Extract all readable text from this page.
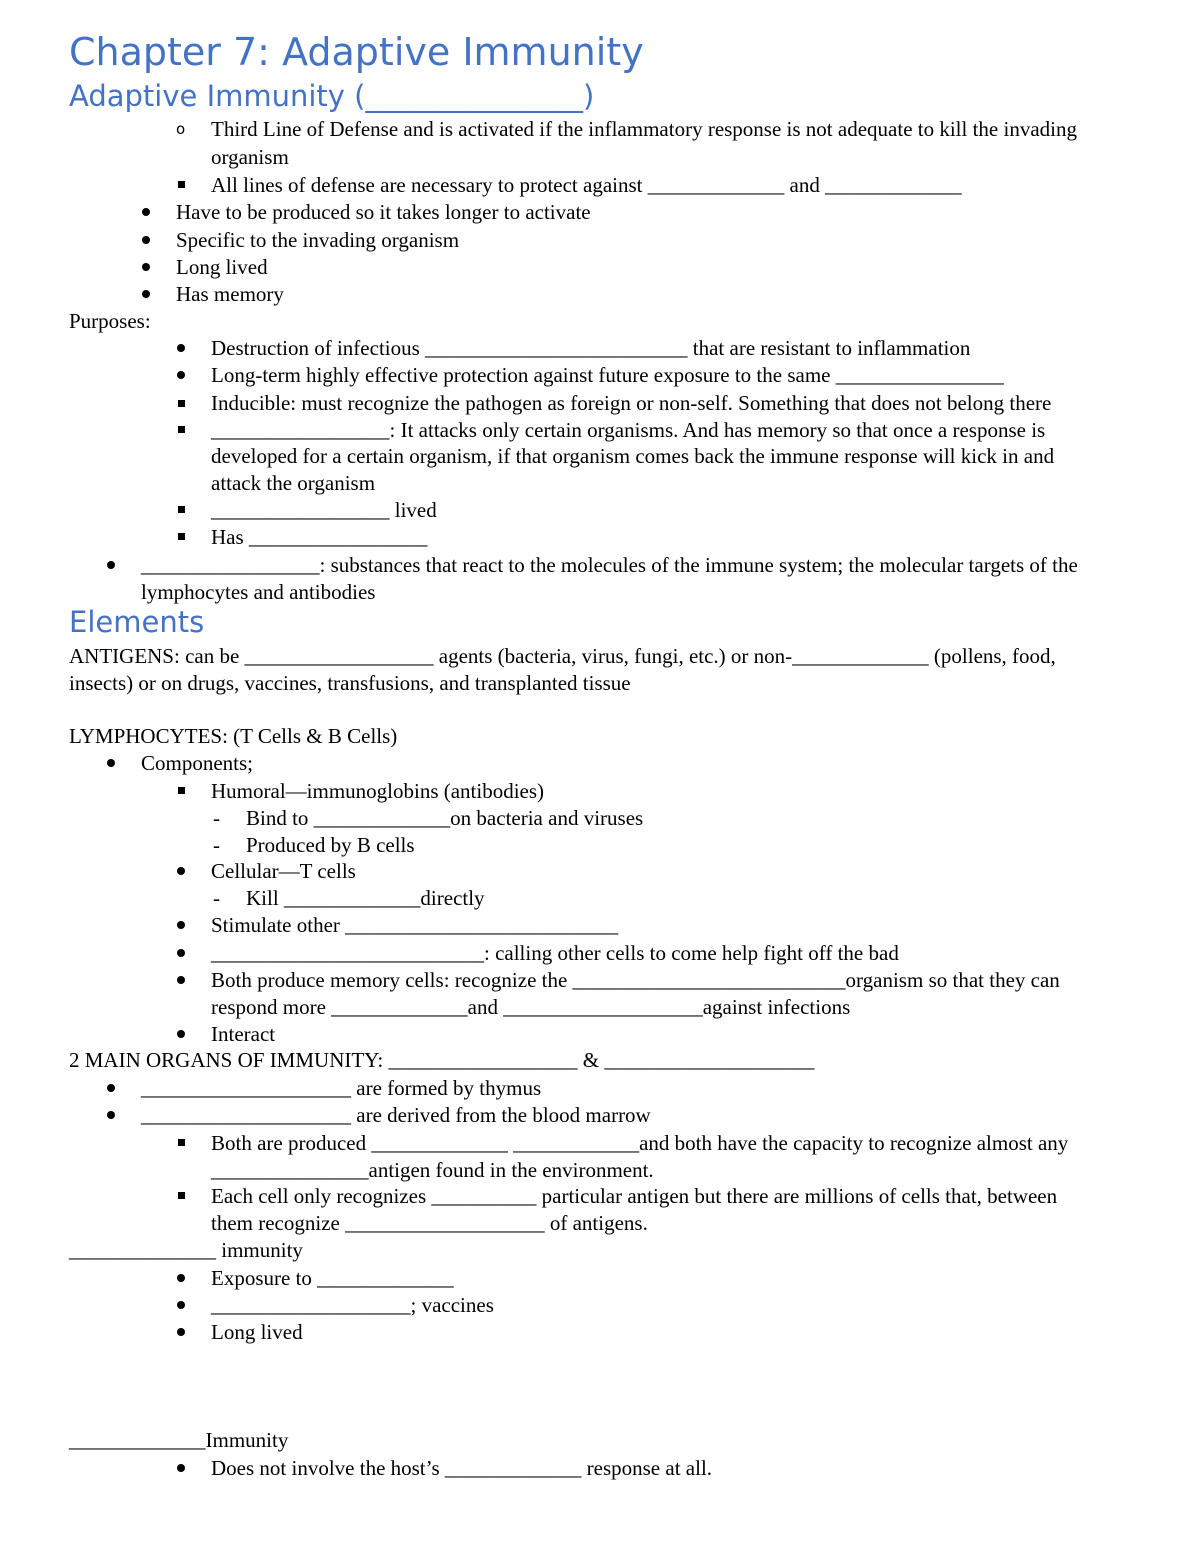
Chapter 7: Adaptive Immunity
Adaptive Immunity (_______________)
o Third Line of Defense and is activated if the inflammatory response is not adequate to kill the invading
organism
All lines of defense are necessary to protect against _____________ and _____________
Have to be produced so it takes longer to activate
Specific to the invading organism
Long lived
Has memory
Purposes:
Destruction of infectious _________________________ that are resistant to inflammation
Long-term highly effective protection against future exposure to the same ________________
Inducible: must recognize the pathogen as foreign or non-self. Something that does not belong there
_________________: It attacks only certain organisms. And has memory so that once a response is
developed for a certain organism, if that organism comes back the immune response will kick in and
attack the organism
_________________ lived
Has _________________
_________________: substances that react to the molecules of the immune system; the molecular targets of the
lymphocytes and antibodies
Elements
ANTIGENS: can be __________________ agents (bacteria, virus, fungi, etc.) or non-_____________ (pollens, food,
insects) or on drugs, vaccines, transfusions, and transplanted tissue
LYMPHOCYTES: (T Cells & B Cells)
Components;
Humoral—immunoglobins (antibodies)
- Bind to _____________on bacteria and viruses
- Produced by B cells
Cellular—T cells
- Kill _____________directly
Stimulate other __________________________
__________________________: calling other cells to come help fight off the bad
Both produce memory cells: recognize the __________________________organism so that they can
respond more _____________and ___________________against infections
Interact
2 MAIN ORGANS OF IMMUNITY: __________________ & ____________________
____________________ are formed by thymus
____________________ are derived from the blood marrow
Both are produced _____________ ____________and both have the capacity to recognize almost any
_______________antigen found in the environment.
Each cell only recognizes __________ particular antigen but there are millions of cells that, between
them recognize ___________________ of antigens.
______________ immunity
Exposure to _____________
___________________; vaccines
Long lived
_____________Immunity
Does not involve the host’s _____________ response at all.
